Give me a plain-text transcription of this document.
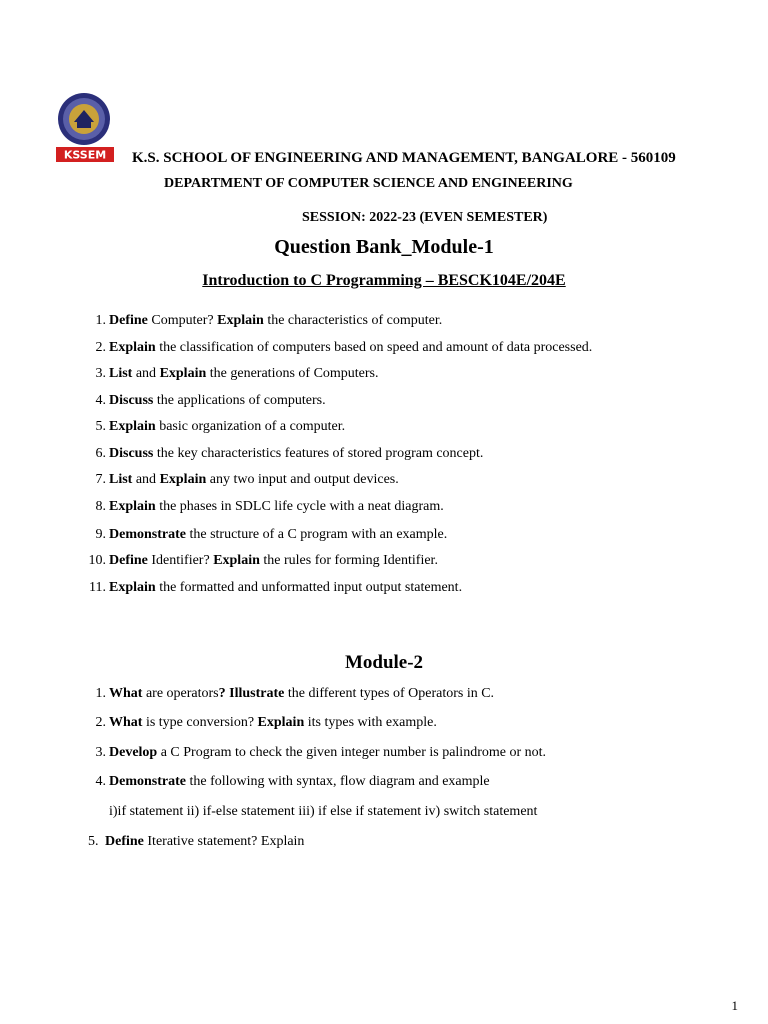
KSSEM K.S. SCHOOL OF ENGINEERING AND MANAGEMENT, BANGALORE - 560109
DEPARTMENT OF COMPUTER SCIENCE AND ENGINEERING
SESSION: 2022-23 (EVEN SEMESTER)
Question Bank_Module-1
Introduction to C Programming – BESCK104E/204E
1. Define Computer? Explain the characteristics of computer.
2. Explain the classification of computers based on speed and amount of data processed.
3. List and Explain the generations of Computers.
4. Discuss the applications of computers.
5. Explain basic organization of a computer.
6. Discuss the key characteristics features of stored program concept.
7. List and Explain any two input and output devices.
8. Explain the phases in SDLC life cycle with a neat diagram.
9. Demonstrate the structure of a C program with an example.
10. Define Identifier? Explain the rules for forming Identifier.
11. Explain the formatted and unformatted input output statement.
Module-2
1. What are operators? Illustrate the different types of Operators in C.
2. What is type conversion? Explain its types with example.
3. Develop a C Program to check the given integer number is palindrome or not.
4. Demonstrate the following with syntax, flow diagram and example
i)if statement ii) if-else statement iii) if else if statement iv) switch statement
5. Define Iterative statement? Explain
1
